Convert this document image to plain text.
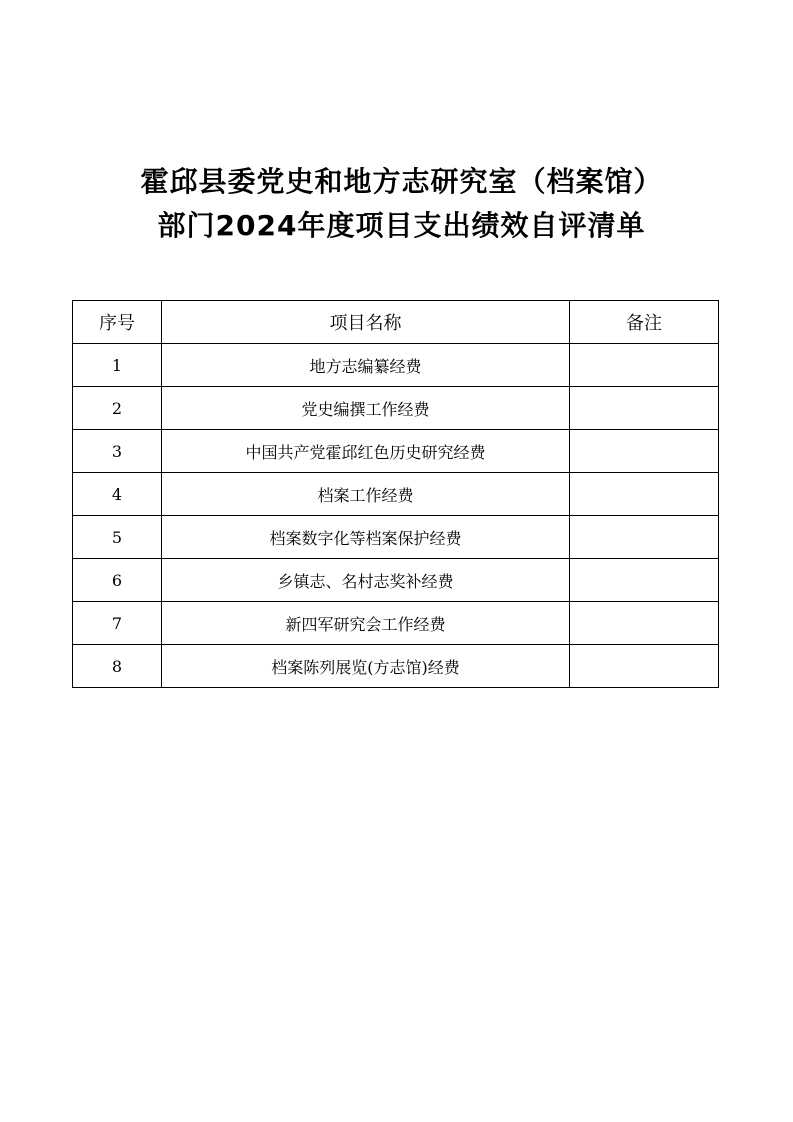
霍邱县委党史和地方志研究室（档案馆）
部门2024年度项目支出绩效自评清单
序号	项目名称	备注
1	地方志编纂经费	
2	党史编撰工作经费	
3	中国共产党霍邱红色历史研究经费	
4	档案工作经费	
5	档案数字化等档案保护经费	
6	乡镇志、名村志奖补经费	
7	新四军研究会工作经费	
8	档案陈列展览(方志馆)经费	
